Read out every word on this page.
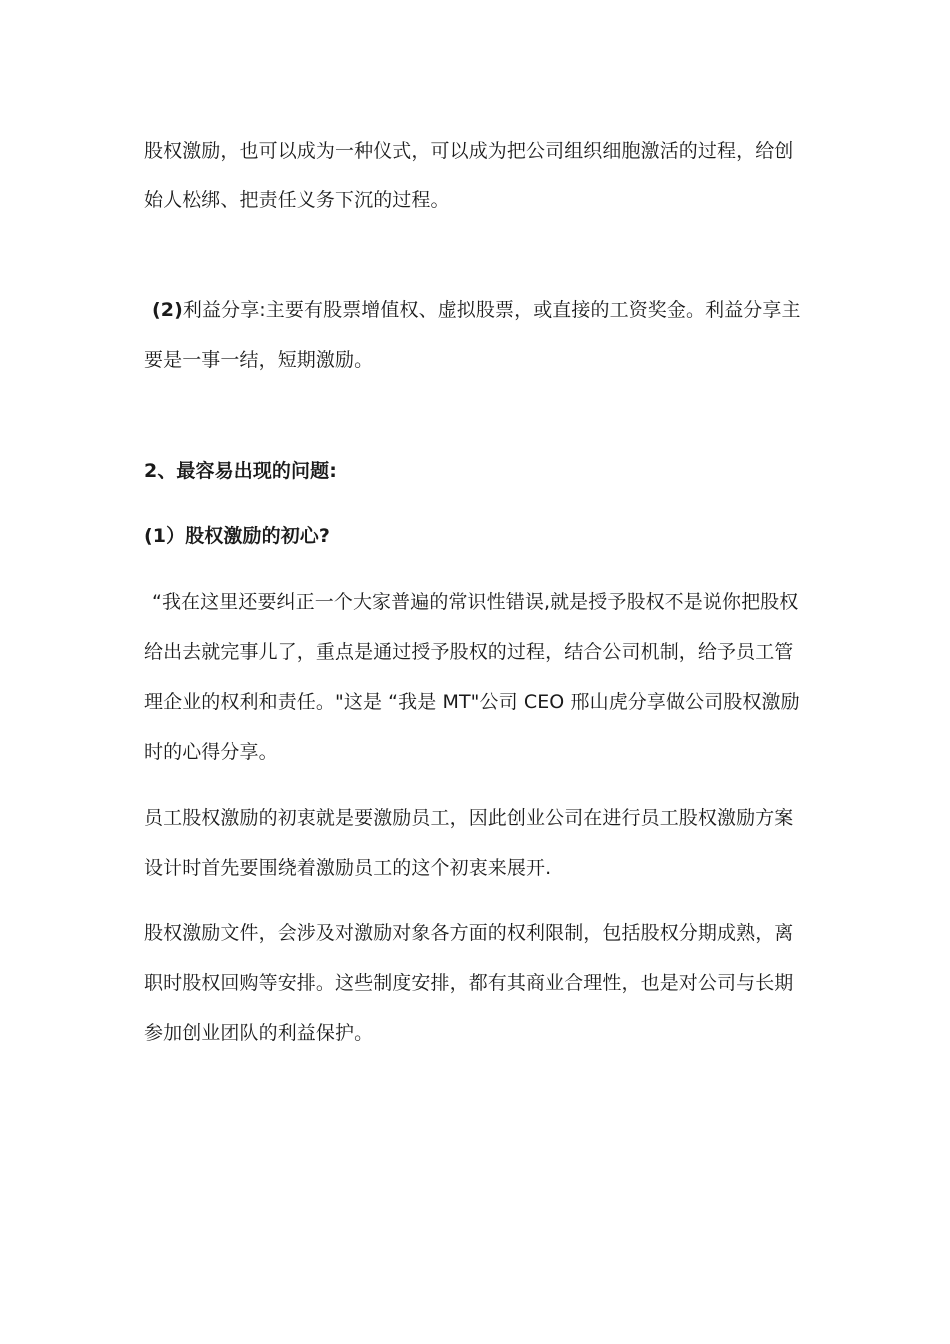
股权激励，也可以成为一种仪式，可以成为把公司组织细胞激活的过程，给创
始人松绑、把责任义务下沉的过程。
(2)利益分享:主要有股票增值权、虚拟股票，或直接的工资奖金。利益分享主
要是一事一结，短期激励。
2、最容易出现的问题:
(1）股权激励的初心?
“我在这里还要纠正一个大家普遍的常识性错误,就是授予股权不是说你把股权
给出去就完事儿了，重点是通过授予股权的过程，结合公司机制，给予员工管
理企业的权利和责任。"这是 “我是 MT"公司 CEO 邢山虎分享做公司股权激励
时的心得分享。
员工股权激励的初衷就是要激励员工，因此创业公司在进行员工股权激励方案
设计时首先要围绕着激励员工的这个初衷来展开.
股权激励文件，会涉及对激励对象各方面的权利限制，包括股权分期成熟，离
职时股权回购等安排。这些制度安排，都有其商业合理性，也是对公司与长期
参加创业团队的利益保护。
